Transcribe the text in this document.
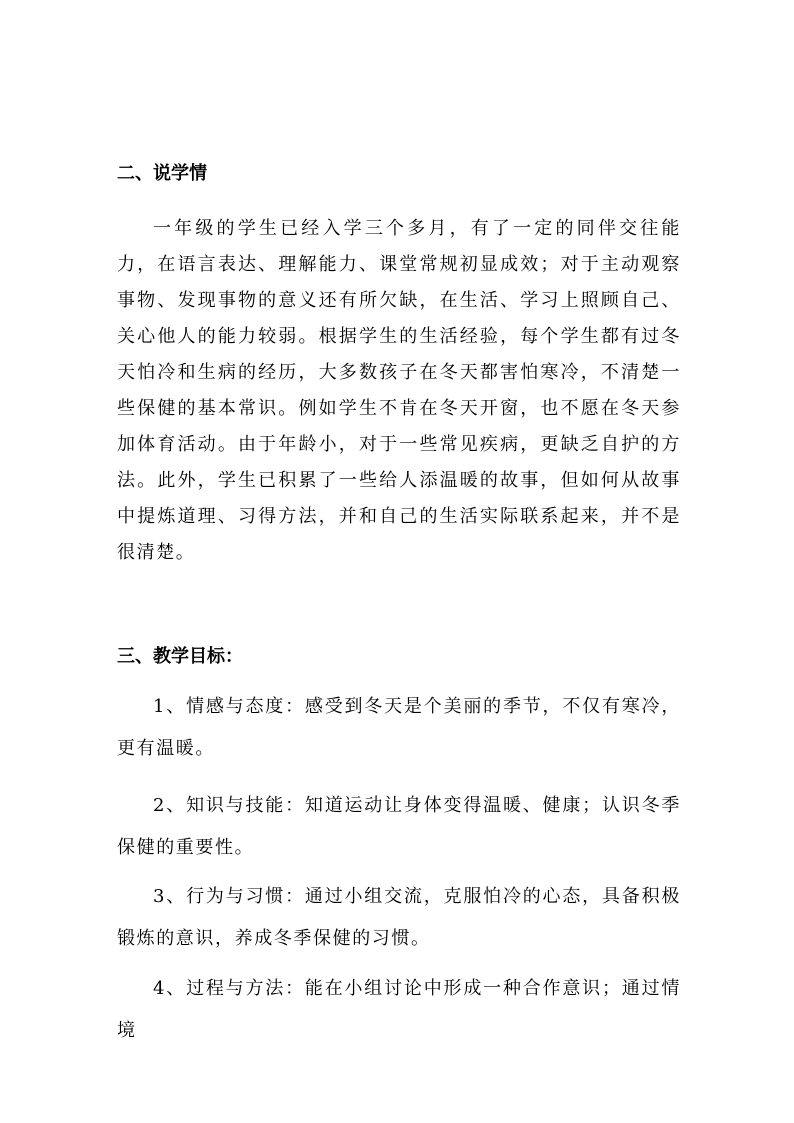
二、说学情
一年级的学生已经入学三个多月，有了一定的同伴交往能力，在语言表达、理解能力、课堂常规初显成效；对于主动观察事物、发现事物的意义还有所欠缺，在生活、学习上照顾自己、关心他人的能力较弱。根据学生的生活经验，每个学生都有过冬天怕冷和生病的经历，大多数孩子在冬天都害怕寒冷，不清楚一些保健的基本常识。例如学生不肯在冬天开窗，也不愿在冬天参加体育活动。由于年龄小，对于一些常见疾病，更缺乏自护的方法。此外，学生已积累了一些给人添温暖的故事，但如何从故事中提炼道理、习得方法，并和自己的生活实际联系起来，并不是很清楚。
三、教学目标：
1、情感与态度：感受到冬天是个美丽的季节，不仅有寒冷，更有温暖。
2、知识与技能：知道运动让身体变得温暖、健康；认识冬季保健的重要性。
3、行为与习惯：通过小组交流，克服怕冷的心态，具备积极锻炼的意识，养成冬季保健的习惯。
4、过程与方法：能在小组讨论中形成一种合作意识；通过情境
